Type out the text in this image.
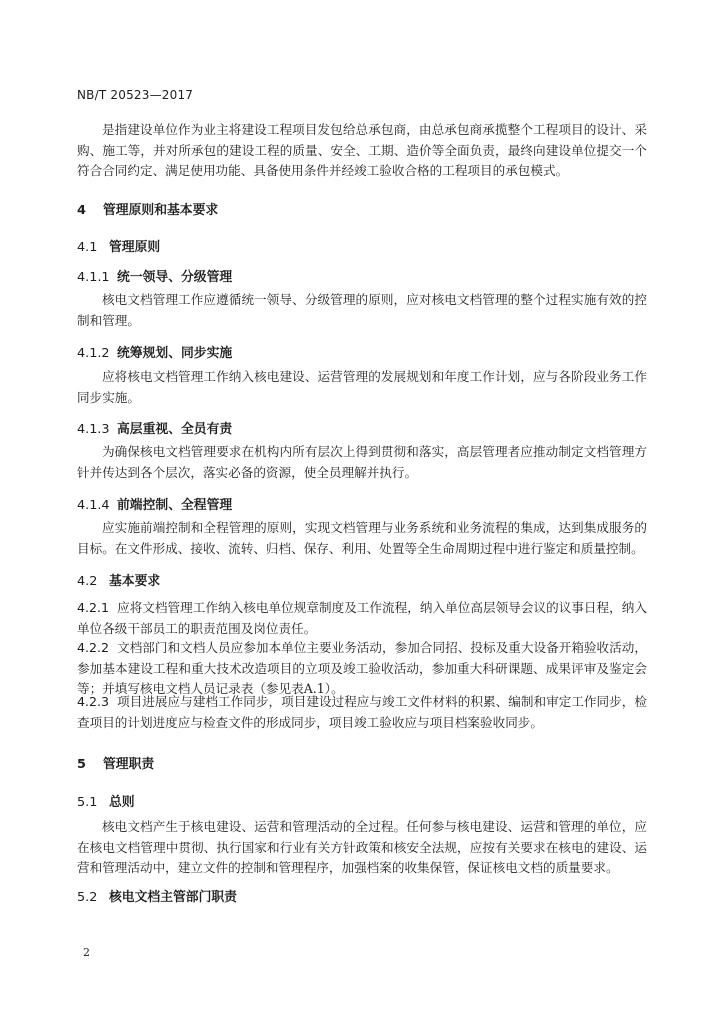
NB/T 20523—2017
是指建设单位作为业主将建设工程项目发包给总承包商，由总承包商承揽整个工程项目的设计、采购、施工等，并对所承包的建设工程的质量、安全、工期、造价等全面负责，最终向建设单位提交一个符合合同约定、满足使用功能、具备使用条件并经竣工验收合格的工程项目的承包模式。
4 管理原则和基本要求
4.1 管理原则
4.1.1 统一领导、分级管理
核电文档管理工作应遵循统一领导、分级管理的原则，应对核电文档管理的整个过程实施有效的控制和管理。
4.1.2 统筹规划、同步实施
应将核电文档管理工作纳入核电建设、运营管理的发展规划和年度工作计划，应与各阶段业务工作同步实施。
4.1.3 高层重视、全员有责
为确保核电文档管理要求在机构内所有层次上得到贯彻和落实，高层管理者应推动制定文档管理方针并传达到各个层次，落实必备的资源，使全员理解并执行。
4.1.4 前端控制、全程管理
应实施前端控制和全程管理的原则，实现文档管理与业务系统和业务流程的集成，达到集成服务的目标。在文件形成、接收、流转、归档、保存、利用、处置等全生命周期过程中进行鉴定和质量控制。
4.2 基本要求
4.2.1 应将文档管理工作纳入核电单位规章制度及工作流程，纳入单位高层领导会议的议事日程，纳入单位各级干部员工的职责范围及岗位责任。
4.2.2 文档部门和文档人员应参加本单位主要业务活动，参加合同招、投标及重大设备开箱验收活动，参加基本建设工程和重大技术改造项目的立项及竣工验收活动，参加重大科研课题、成果评审及鉴定会等；并填写核电文档人员记录表（参见表A.1）。
4.2.3 项目进展应与建档工作同步，项目建设过程应与竣工文件材料的积累、编制和审定工作同步，检查项目的计划进度应与检查文件的形成同步，项目竣工验收应与项目档案验收同步。
5 管理职责
5.1 总则
核电文档产生于核电建设、运营和管理活动的全过程。任何参与核电建设、运营和管理的单位，应在核电文档管理中贯彻、执行国家和行业有关方针政策和核安全法规，应按有关要求在核电的建设、运营和管理活动中，建立文件的控制和管理程序，加强档案的收集保管，保证核电文档的质量要求。
5.2 核电文档主管部门职责
2
